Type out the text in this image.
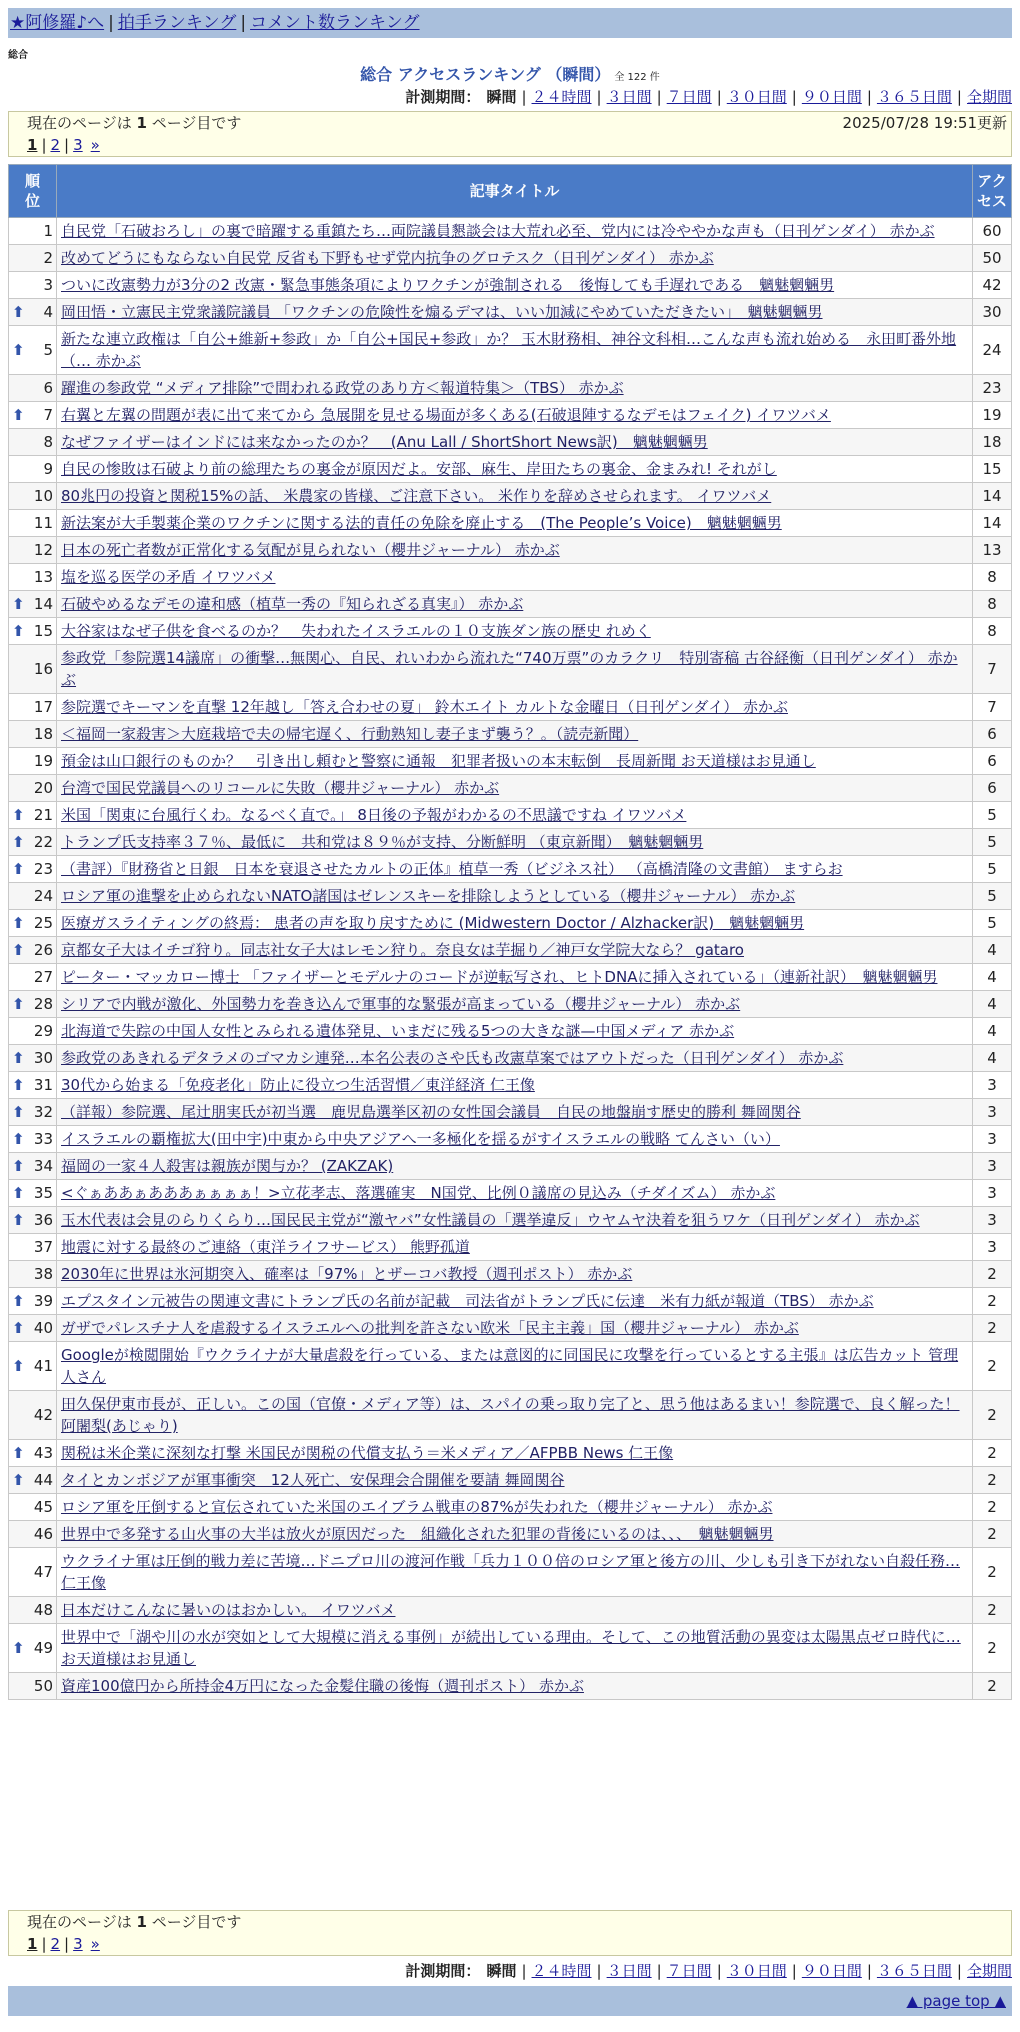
★阿修羅♪へ | 拍手ランキング | コメント数ランキング
総合
総合 アクセスランキング （瞬間） 全 122 件
計測期間： 瞬間 | ２４時間 | ３日間 | ７日間 | ３０日間 | ９０日間 | ３６５日間 | 全期間
現在のページは 1 ページ目です	2025/07/28 19:51更新
1 | 2 | 3 »
順位	記事タイトル	アクセス
1	自民党「石破おろし」の裏で暗躍する重鎮たち…両院議員懇談会は大荒れ必至、党内には冷ややかな声も（日刊ゲンダイ） 赤かぶ	60
2	改めてどうにもならない自民党 反省も下野もせず党内抗争のグロテスク（日刊ゲンダイ） 赤かぶ	50
3	ついに改憲勢力が3分の2 改憲・緊急事態条項によりワクチンが強制される　後悔しても手遅れである　魑魅魍魎男	42

⬆ 4	岡田悟・立憲民主党衆議院議員 「ワクチンの危険性を煽るデマは、いい加減にやめていただきたい」　魑魅魍魎男	30

⬆ 5	新たな連立政権は「自公+維新+参政」か「自公+国民+参政」か？ 玉木財務相、神谷文科相…こんな声も流れ始める　永田町番外地（… 赤かぶ	24
6	躍進の参政党 “メディア排除”で問われる政党のあり方＜報道特集＞（TBS） 赤かぶ	23

⬆ 7	右翼と左翼の問題が表に出て来てから 急展開を見せる場面が多くある(石破退陣するなデモはフェイク) イワツバメ	19
8	なぜファイザーはインドには来なかったのか？　(Anu Lall / ShortShort News訳)　魑魅魍魎男	18
9	自民の惨敗は石破より前の総理たちの裏金が原因だよ。安部、麻生、岸田たちの裏金、金まみれ! それがし	15
10	80兆円の投資と関税15%の話、 米農家の皆様、ご注意下さい。 米作りを辞めさせられます。 イワツバメ	14
11	新法案が大手製薬企業のワクチンに関する法的責任の免除を廃止する　(The People’s Voice)　魑魅魍魎男	14
12	日本の死亡者数が正常化する気配が見られない（櫻井ジャーナル） 赤かぶ	13
13	塩を巡る医学の矛盾 イワツバメ	8

⬆ 14	石破やめるなデモの違和感（植草一秀の『知られざる真実』） 赤かぶ	8

⬆ 15	大谷家はなぜ子供を食べるのか？　失われたイスラエルの１０支族ダン族の歴史 れめく	8
16	参政党「参院選14議席」の衝撃…無関心、自民、れいわから流れた“740万票”のカラクリ　特別寄稿 古谷経衡（日刊ゲンダイ） 赤かぶ	7
17	参院選でキーマンを直撃 12年越し「答え合わせの夏」 鈴木エイト カルトな金曜日（日刊ゲンダイ） 赤かぶ	7
18	＜福岡一家殺害＞大庭栽培で夫の帰宅遅く、行動熟知し妻子まず襲う？。（読売新聞）	6
19	預金は山口銀行のものか？　引き出し頼むと警察に通報　犯罪者扱いの本末転倒　長周新聞 お天道様はお見通し	6
20	台湾で国民党議員へのリコールに失敗（櫻井ジャーナル） 赤かぶ	6

⬆ 21	米国「関東に台風行くわ。なるべく直で。」 8日後の予報がわかるの不思議ですね イワツバメ	5

⬆ 22	トランプ氏支持率３７％、最低に　共和党は８９％が支持、分断鮮明 （東京新聞）　魑魅魍魎男	5

⬆ 23	（書評）『財務省と日銀　日本を衰退させたカルトの正体』植草一秀（ビジネス社） （高橋清隆の文書館） ますらお	5
24	ロシア軍の進撃を止められないNATO諸国はゼレンスキーを排除しようとしている（櫻井ジャーナル） 赤かぶ	5

⬆ 25	医療ガスライティングの終焉： 患者の声を取り戻すために (Midwestern Doctor / Alzhacker訳)　魑魅魍魎男	5

⬆ 26	京都女子大はイチゴ狩り。同志社女子大はレモン狩り。奈良女は芋掘り／神戸女学院大なら？ gataro	4
27	ピーター・マッカロー博士 「ファイザーとモデルナのコードが逆転写され、ヒトDNAに挿入されている」（連新社訳）　魑魅魍魎男	4

⬆ 28	シリアで内戦が激化、外国勢力を巻き込んで軍事的な緊張が高まっている（櫻井ジャーナル） 赤かぶ	4
29	北海道で失踪の中国人女性とみられる遺体発見、いまだに残る5つの大きな謎—中国メディア 赤かぶ	4

⬆ 30	参政党のあきれるデタラメのゴマカシ連発…本名公表のさや氏も改憲草案ではアウトだった（日刊ゲンダイ） 赤かぶ	4

⬆ 31	30代から始まる「免疫老化」防止に役立つ生活習慣／東洋経済 仁王像	3

⬆ 32	（詳報）参院選、尾辻朋実氏が初当選　鹿児島選挙区初の女性国会議員　自民の地盤崩す歴史的勝利 舞岡関谷	3

⬆ 33	イスラエルの覇権拡大(田中宇)中東から中央アジアへ一多極化を揺るがすイスラエルの戦略 てんさい（い）	3

⬆ 34	福岡の一家４人殺害は親族が関与か？ (ZAKZAK)	3

⬆ 35	<ぐぁああぁあああぁぁぁぁ！>立花孝志、落選確実　N国党、比例０議席の見込み（チダイズム） 赤かぶ	3

⬆ 36	玉木代表は会見のらりくらり…国民民主党が“激ヤバ”女性議員の「選挙違反」ウヤムヤ決着を狙うワケ（日刊ゲンダイ） 赤かぶ	3
37	地震に対する最終のご連絡（東洋ライフサービス） 熊野孤道	3
38	2030年に世界は氷河期突入、確率は「97%」とザーコバ教授（週刊ポスト） 赤かぶ	2

⬆ 39	エプスタイン元被告の関連文書にトランプ氏の名前が記載　司法省がトランプ氏に伝達　米有力紙が報道（TBS） 赤かぶ	2

⬆ 40	ガザでパレスチナ人を虐殺するイスラエルへの批判を許さない欧米「民主主義」国（櫻井ジャーナル） 赤かぶ	2

⬆ 41	Googleが検閲開始『ウクライナが大量虐殺を行っている、または意図的に同国民に攻撃を行っているとする主張』は広告カット 管理人さん	2
42	田久保伊東市長が、正しい。この国（官僚・メディア等）は、スパイの乗っ取り完了と、思う他はあるまい！参院選で、良く解った！ 阿闍梨(あじゃり)	2

⬆ 43	関税は米企業に深刻な打撃 米国民が関税の代償支払う＝米メディア／AFPBB News 仁王像	2

⬆ 44	タイとカンボジアが軍事衝突　12人死亡、安保理会合開催を要請 舞岡関谷	2
45	ロシア軍を圧倒すると宣伝されていた米国のエイブラム戦車の87%が失われた（櫻井ジャーナル） 赤かぶ	2
46	世界中で多発する山火事の大半は放火が原因だった　組織化された犯罪の背後にいるのは、、、　魑魅魍魎男	2
47	ウクライナ軍は圧倒的戦力差に苦境…ドニプロ川の渡河作戦「兵力１００倍のロシア軍と後方の川、少しも引き下がれない自殺任務… 仁王像	2
48	日本だけこんなに暑いのはおかしい。 イワツバメ	2

⬆ 49	世界中で「湖や川の水が突如として大規模に消える事例」が続出している理由。そして、この地質活動の異変は太陽黒点ゼロ時代に… お天道様はお見通し	2
50	資産100億円から所持金4万円になった金髪住職の後悔（週刊ポスト） 赤かぶ	2
現在のページは 1 ページ目です
1 | 2 | 3 »
計測期間： 瞬間 | ２４時間 | ３日間 | ７日間 | ３０日間 | ９０日間 | ３６５日間 | 全期間
▲ page top ▲
